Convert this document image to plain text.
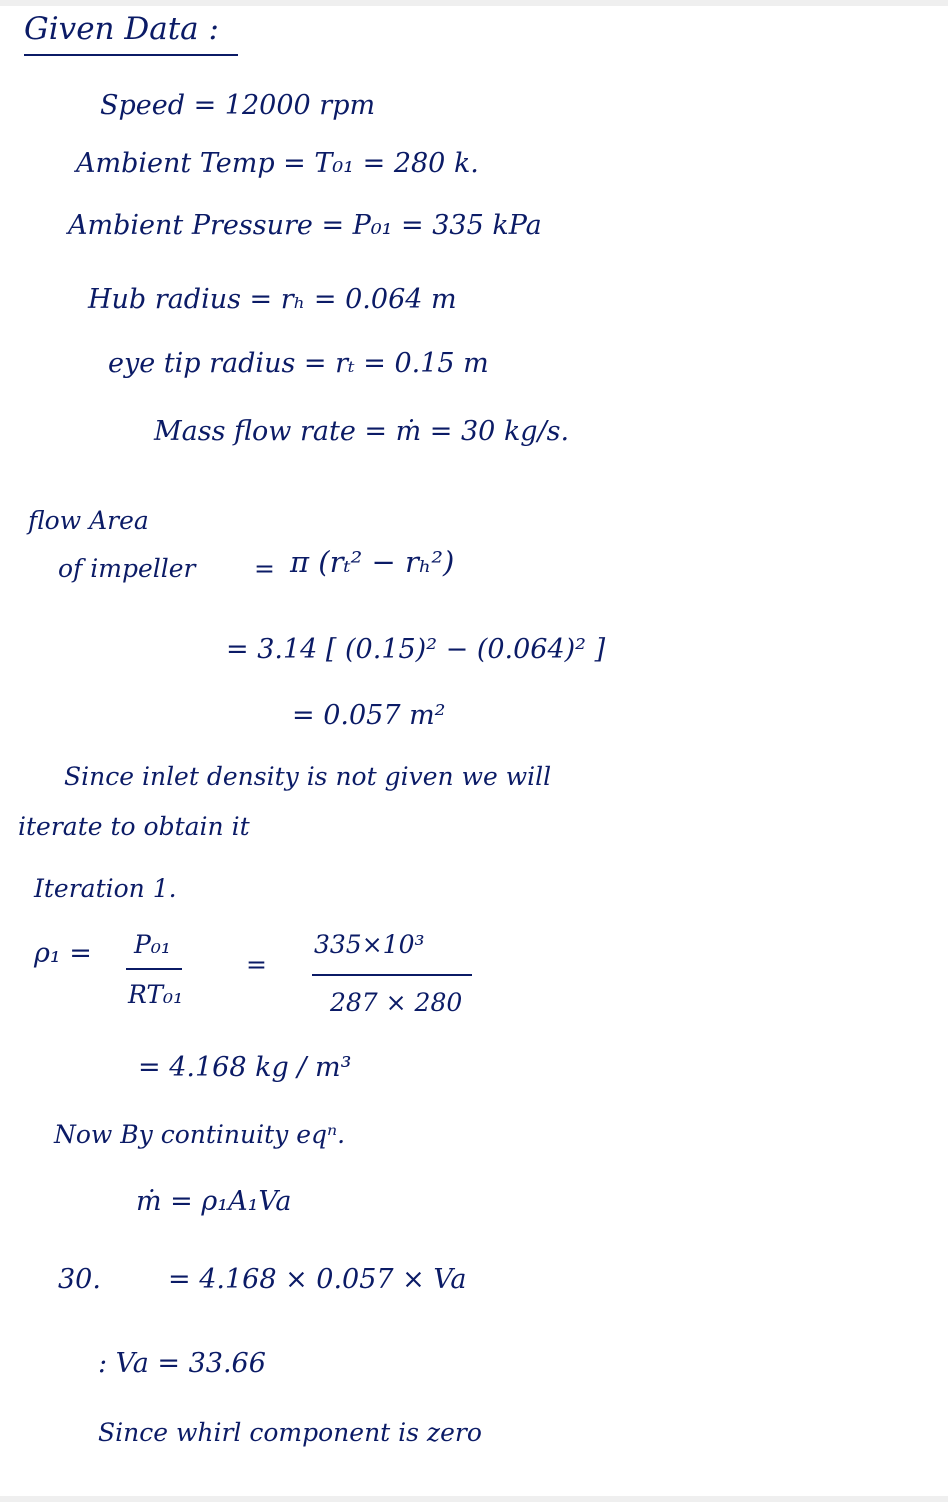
Given Data :
Speed = 12000 rpm
Ambient Temp = T₀₁ = 280 k.
Ambient Pressure = P₀₁ = 335 kPa
Hub radius = rₕ = 0.064 m
eye tip radius = rₜ = 0.15 m
Mass flow rate = ṁ = 30 kg/s.
flow Area
of impeller = π (rₜ² − rₕ²)
= 3.14 [ (0.15)² − (0.064)² ]
= 0.057 m²
Since inlet density is not given we will
iterate to obtain it
Iteration 1.
ρ₁ = P₀₁
RT₀₁
=
335×10³
287 × 280
= 4.168 kg / m³
Now By continuity eqⁿ.
ṁ = ρ₁A₁Va
30. = 4.168 × 0.057 × Va
: Va = 33.66
Since whirl component is zero
